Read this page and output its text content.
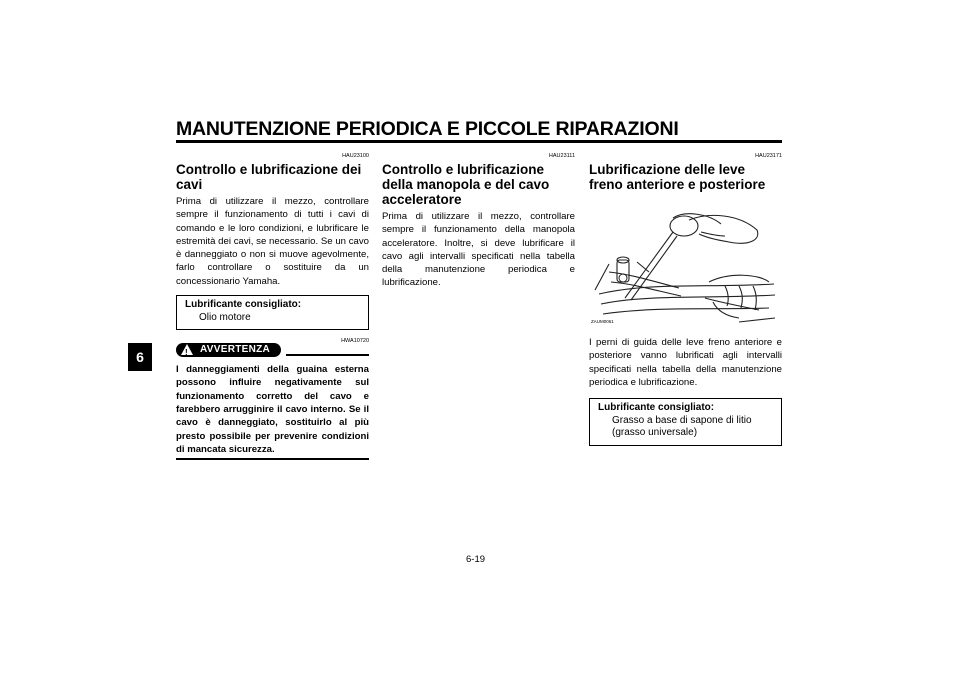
MANUTENZIONE PERIODICA E PICCOLE RIPARAZIONI
6
HAU23100
Controllo e lubrificazione dei cavi
Prima di utilizzare il mezzo, controllare sempre il funzionamento di tutti i cavi di comando e le loro condizioni, e lubrificare le estremità dei cavi, se necessario. Se un cavo è danneggiato o non si muove agevolmente, farlo controllare o sostituire da un concessionario Yamaha.
Lubrificante consigliato:
Olio motore
HWA10720
! AVVERTENZA
I danneggiamenti della guaina esterna possono influire negativamente sul funzionamento corretto del cavo e farebbero arrugginire il cavo interno. Se il cavo è danneggiato, sostituirlo al più presto possibile per prevenire condizioni di mancata sicurezza.
HAU23111
Controllo e lubrificazione della manopola e del cavo acceleratore
Prima di utilizzare il mezzo, controllare sempre il funzionamento della manopola acceleratore. Inoltre, si deve lubrificare il cavo agli intervalli specificati nella tabella della manutenzione periodica e lubrificazione.
HAU23171
Lubrificazione delle leve freno anteriore e posteriore
ZAUM0061
I perni di guida delle leve freno anteriore e posteriore vanno lubrificati agli intervalli specificati nella tabella della manutenzione periodica e lubrificazione.
Lubrificante consigliato:
Grasso a base di sapone di litio
(grasso universale)
6-19
